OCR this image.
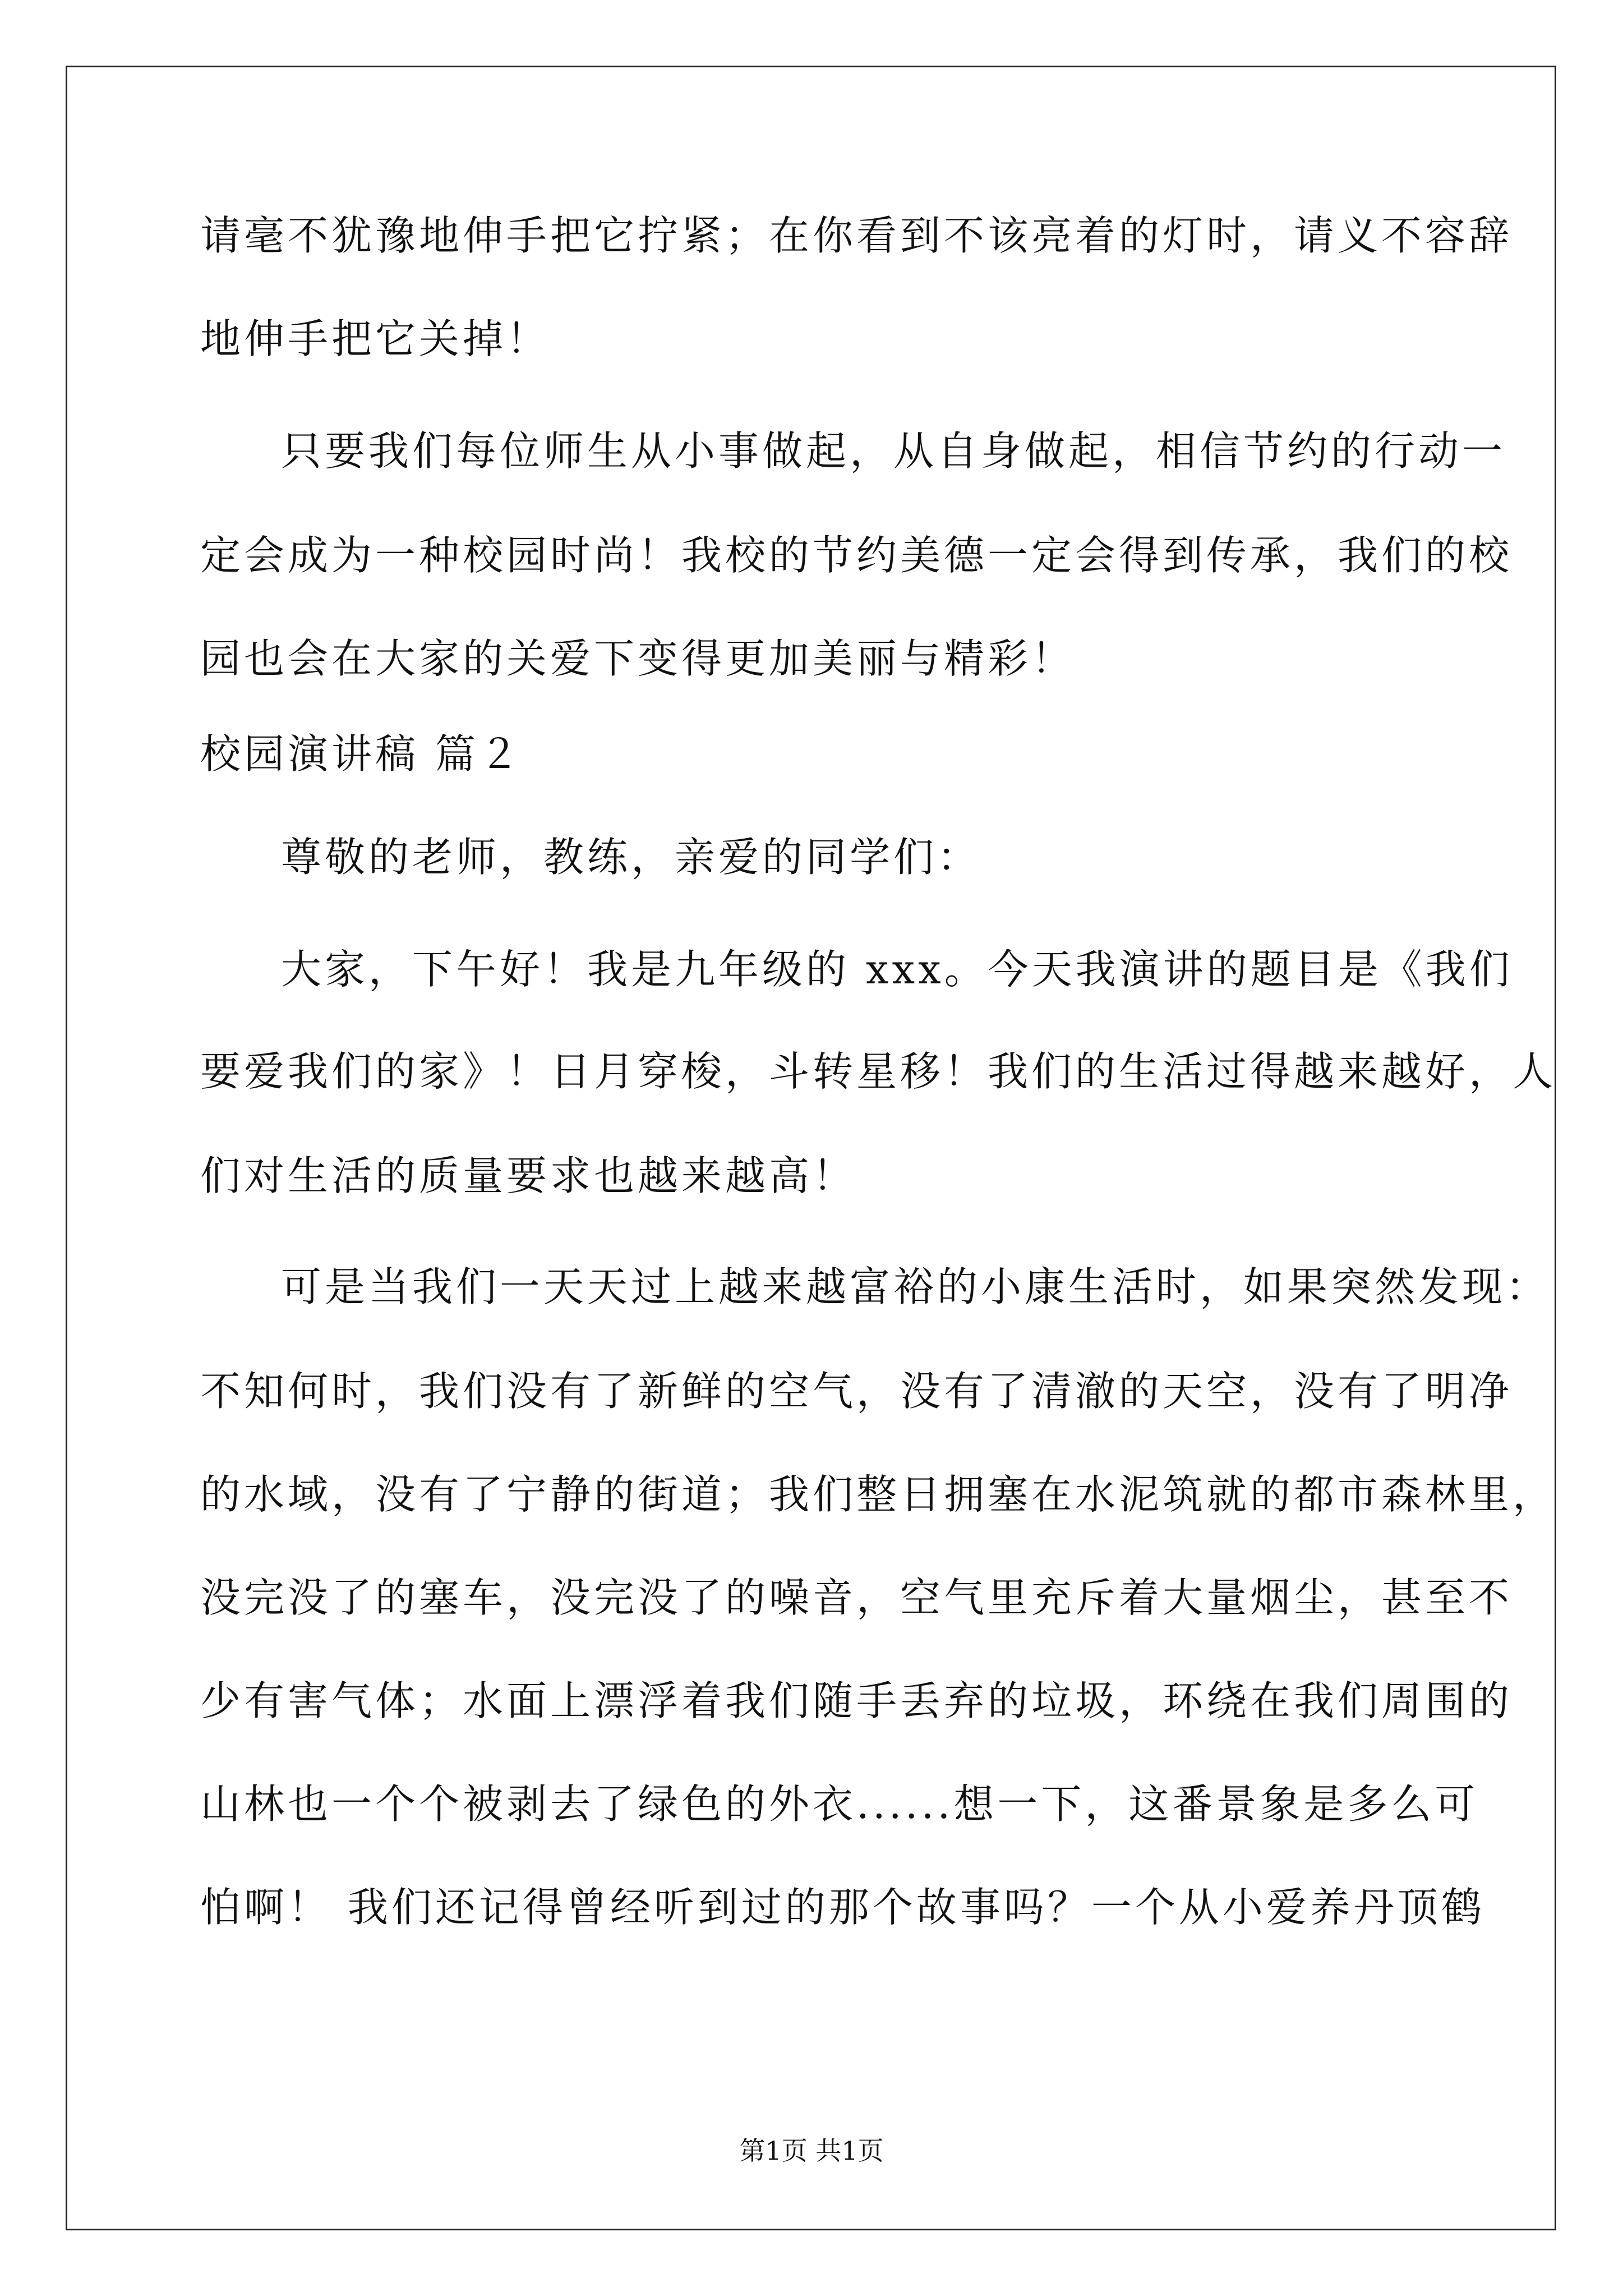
请毫不犹豫地伸手把它拧紧；在你看到不该亮着的灯时，请义不容辞
地伸手把它关掉！
只要我们每位师生从小事做起，从自身做起，相信节约的行动一
定会成为一种校园时尚！我校的节约美德一定会得到传承，我们的校
园也会在大家的关爱下变得更加美丽与精彩！
校园演讲稿 篇２
尊敬的老师，教练，亲爱的同学们：
大家，下午好！我是九年级的 xxx。今天我演讲的题目是《我们
要爱我们的家》！日月穿梭，斗转星移！我们的生活过得越来越好，人
们对生活的质量要求也越来越高！
可是当我们一天天过上越来越富裕的小康生活时，如果突然发现：
不知何时，我们没有了新鲜的空气，没有了清澈的天空，没有了明净
的水域，没有了宁静的街道；我们整日拥塞在水泥筑就的都市森林里，
没完没了的塞车，没完没了的噪音，空气里充斥着大量烟尘，甚至不
少有害气体；水面上漂浮着我们随手丢弃的垃圾，环绕在我们周围的
山林也一个个被剥去了绿色的外衣......想一下，这番景象是多么可
怕啊！ 我们还记得曾经听到过的那个故事吗？一个从小爱养丹顶鹤
第1页 共1页
